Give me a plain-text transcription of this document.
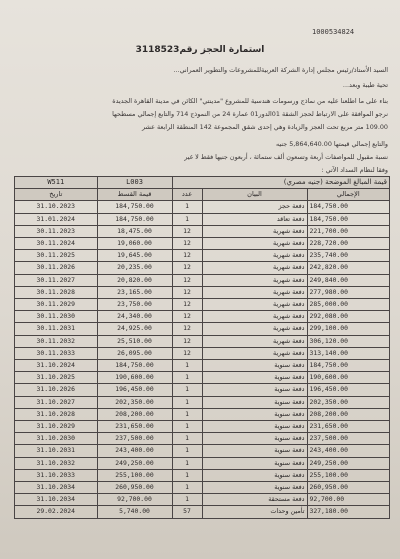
1000534824
استمارة الحجز رقم3118523
السيد الأستاذ/رئيس مجلس إدارة الشركة العربيةللمشروعات والتطوير العمراني...
تحية طيبة وبعد...
بناء على ما اطلعنا عليه من نماذج ورسومات هندسية للمشروع "مدينتي" الكائن في مدينة القاهرة الجديدة
نرجو الموافقة على الارتباط لحجز الشقة 01الدور01 عمارة 24 من النموذج 714 والتابع إجمالي مسطحها
109.00 متر مربع تحت العجز والزيادة وهي إحدى شقق المجموعة 142 المنطقة الرابعة عشر
والتابع إجمالي قيمتها 5,864,640.00 جنيه
نسبة مقبول للمواصفات أربعة وتسعون ألف ستمائة ، أربعون جنيها فقط لا غير
وفقا لنظام السداد الآتي :
W511	L003	قيمة المبالغ الموضحة (جنيه مصري)		
تاريخ	قيمة القسط	عدد	البيان	الإجمالي
31.10.2023	184,750.00	1	دفعة حجز	184,750.00
31.01.2024	184,750.00	1	دفعة تعاقد	184,750.00
30.11.2023	18,475.00	12	دفعة شهرية	221,700.00
30.11.2024	19,060.00	12	دفعة شهرية	228,720.00
30.11.2025	19,645.00	12	دفعة شهرية	235,740.00
30.11.2026	20,235.00	12	دفعة شهرية	242,820.00
30.11.2027	20,820.00	12	دفعة شهرية	249,840.00
30.11.2028	23,165.00	12	دفعة شهرية	277,980.00
30.11.2029	23,750.00	12	دفعة شهرية	285,000.00
30.11.2030	24,340.00	12	دفعة شهرية	292,080.00
30.11.2031	24,925.00	12	دفعة شهرية	299,100.00
30.11.2032	25,510.00	12	دفعة شهرية	306,120.00
30.11.2033	26,095.00	12	دفعة شهرية	313,140.00
31.10.2024	184,750.00	1	دفعة سنوية	184,750.00
31.10.2025	190,600.00	1	دفعة سنوية	190,600.00
31.10.2026	196,450.00	1	دفعة سنوية	196,450.00
31.10.2027	202,350.00	1	دفعة سنوية	202,350.00
31.10.2028	208,200.00	1	دفعة سنوية	208,200.00
31.10.2029	231,650.00	1	دفعة سنوية	231,650.00
31.10.2030	237,500.00	1	دفعة سنوية	237,500.00
31.10.2031	243,400.00	1	دفعة سنوية	243,400.00
31.10.2032	249,250.00	1	دفعة سنوية	249,250.00
31.10.2033	255,100.00	1	دفعة سنوية	255,100.00
31.10.2034	260,950.00	1	دفعة سنوية	260,950.00
31.10.2034	92,700.00	1	دفعة مستحقة	92,700.00
29.02.2024	5,740.00	57	تأمين وحدات	327,180.00
